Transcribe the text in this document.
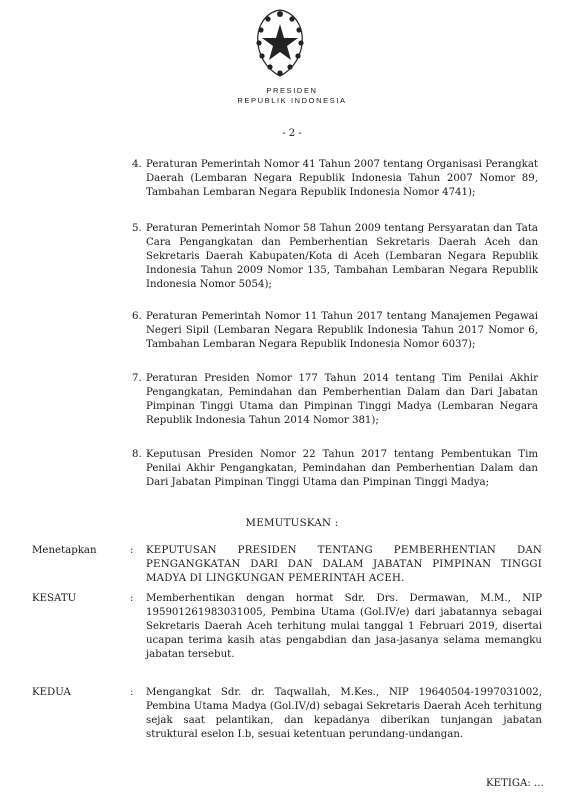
PRESIDEN
REPUBLIK INDONESIA
- 2 -
4. Peraturan Pemerintah Nomor 41 Tahun 2007 tentang Organisasi Perangkat Daerah (Lembaran Negara Republik Indonesia Tahun 2007 Nomor 89, Tambahan Lembaran Negara Republik Indonesia Nomor 4741);
5. Peraturan Pemerintah Nomor 58 Tahun 2009 tentang Persyaratan dan Tata Cara Pengangkatan dan Pemberhentian Sekretaris Daerah Aceh dan Sekretaris Daerah Kabupaten/Kota di Aceh (Lembaran Negara Republik Indonesia Tahun 2009 Nomor 135, Tambahan Lembaran Negara Republik Indonesia Nomor 5054);
6. Peraturan Pemerintah Nomor 11 Tahun 2017 tentang Manajemen Pegawai Negeri Sipil (Lembaran Negara Republik Indonesia Tahun 2017 Nomor 6, Tambahan Lembaran Negara Republik Indonesia Nomor 6037);
7. Peraturan Presiden Nomor 177 Tahun 2014 tentang Tim Penilai Akhir Pengangkatan, Pemindahan dan Pemberhentian Dalam dan Dari Jabatan Pimpinan Tinggi Utama dan Pimpinan Tinggi Madya (Lembaran Negara Republik Indonesia Tahun 2014 Nomor 381);
8. Keputusan Presiden Nomor 22 Tahun 2017 tentang Pembentukan Tim Penilai Akhir Pengangkatan, Pemindahan dan Pemberhentian Dalam dan Dari Jabatan Pimpinan Tinggi Utama dan Pimpinan Tinggi Madya;
MEMUTUSKAN :
Menetapkan	: KEPUTUSAN PRESIDEN TENTANG PEMBERHENTIAN DAN PENGANGKATAN DARI DAN DALAM JABATAN PIMPINAN TINGGI MADYA DI LINGKUNGAN PEMERINTAH ACEH.
KESATU	: Memberhentikan dengan hormat Sdr. Drs. Dermawan, M.M., NIP 195901261983031005, Pembina Utama (Gol.IV/e) dari jabatannya sebagai Sekretaris Daerah Aceh terhitung mulai tanggal 1 Februari 2019, disertai ucapan terima kasih atas pengabdian dan jasa-jasanya selama memangku jabatan tersebut.
KEDUA	: Mengangkat Sdr. dr. Taqwallah, M.Kes., NIP 19640504-1997031002, Pembina Utama Madya (Gol.IV/d) sebagai Sekretaris Daerah Aceh terhitung sejak saat pelantikan, dan kepadanya diberikan tunjangan jabatan struktural eselon I.b, sesuai ketentuan perundang-undangan.
KETIGA: ...
